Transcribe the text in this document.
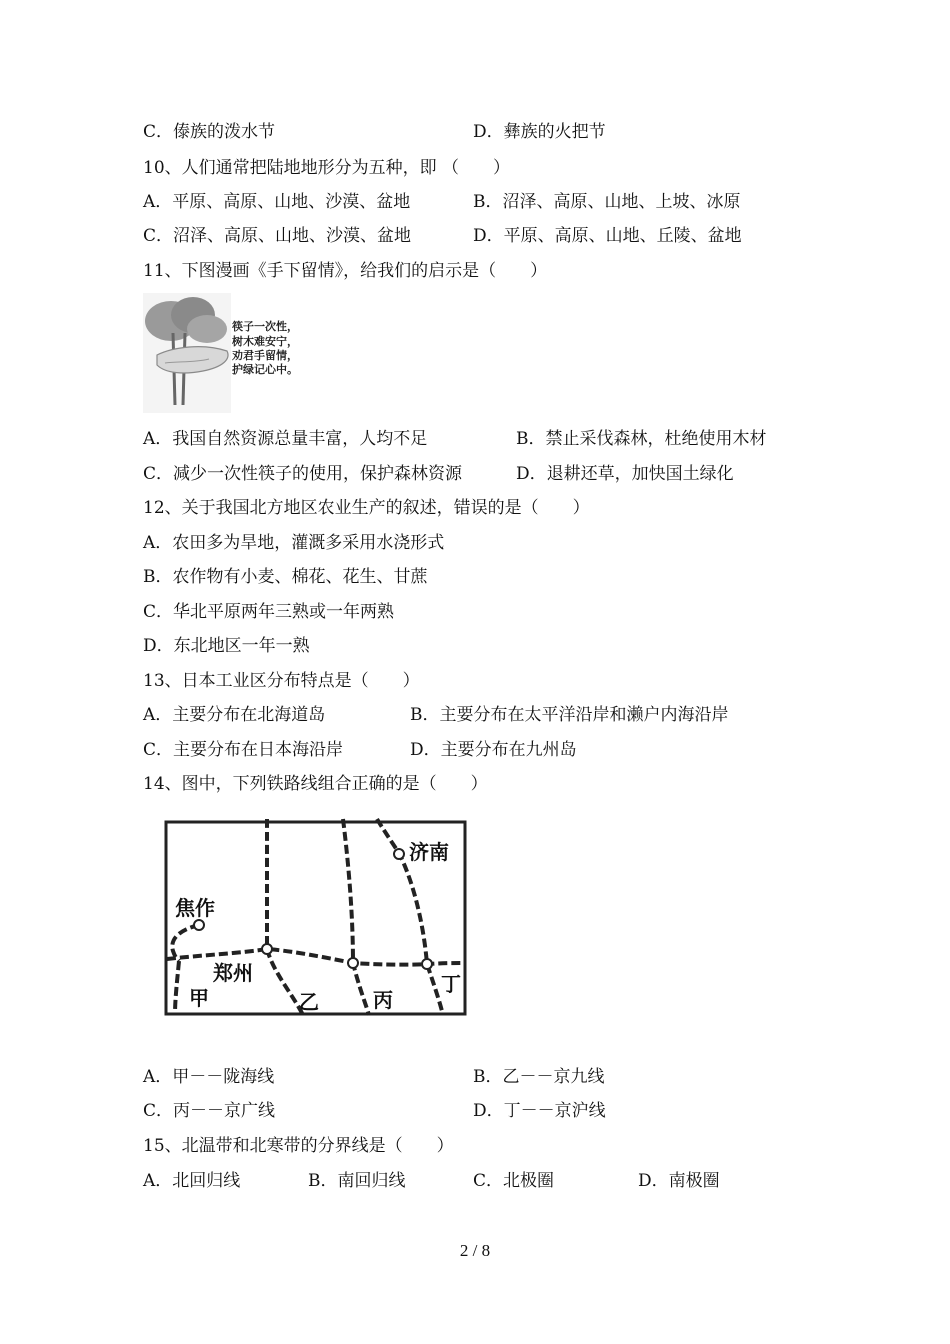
C．傣族的泼水节	D．彝族的火把节
10、人们通常把陆地地形分为五种，即 （　　）
A．平原、高原、山地、沙漠、盆地	B．沼泽、高原、山地、上坡、冰原
C．沼泽、高原、山地、沙漠、盆地	D．平原、高原、山地、丘陵、盆地
11、下图漫画《手下留情》，给我们的启示是（　　）
筷子一次性，
树木难安宁，
劝君手留情，
护绿记心中。
A．我国自然资源总量丰富，人均不足	B．禁止采伐森林，杜绝使用木材
C．减少一次性筷子的使用，保护森林资源	D．退耕还草，加快国土绿化
12、关于我国北方地区农业生产的叙述，错误的是（　　）
A．农田多为旱地，灌溉多采用水浇形式
B．农作物有小麦、棉花、花生、甘蔗
C．华北平原两年三熟或一年两熟
D．东北地区一年一熟
13、日本工业区分布特点是（　　）
A．主要分布在北海道岛	B．主要分布在太平洋沿岸和濑户内海沿岸
C．主要分布在日本海沿岸	D．主要分布在九州岛
14、图中，下列铁路线组合正确的是（　　）
济南
焦作
郑州
甲	乙	丙
丁
A．甲－－陇海线	B．乙－－京九线
C．丙－－京广线	D．丁－－京沪线
15、北温带和北寒带的分界线是（　　）
A．北回归线	B．南回归线	C．北极圈	D．南极圈
2 / 8
